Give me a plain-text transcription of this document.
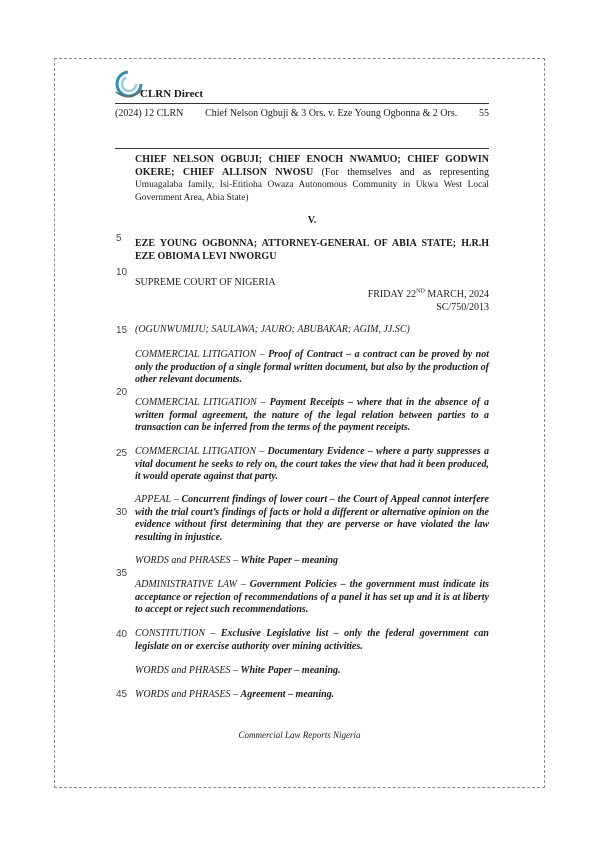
CLRN Direct
(2024) 12 CLRN Chief Nelson Ogbuji & 3 Ors. v. Eze Young Ogbonna & 2 Ors. 55
5
10
15
20
25
30
35
40
45
CHIEF NELSON OGBUJI; CHIEF ENOCH NWAMUO; CHIEF GODWIN OKERE; CHIEF ALLISON NWOSU (For themselves and as representing Umuagalaba family, Isi-Etitioha Owaza Autonomous Community in Ukwa West Local Government Area, Abia State)
V.
EZE YOUNG OGBONNA; ATTORNEY-GENERAL OF ABIA STATE; H.R.H EZE OBIOMA LEVI NWORGU
SUPREME COURT OF NIGERIA
FRIDAY 22ND MARCH, 2024
SC/750/2013
(OGUNWUMIJU; SAULAWA; JAURO; ABUBAKAR; AGIM, JJ.SC)
COMMERCIAL LITIGATION – Proof of Contract – a contract can be proved by not only the production of a single formal written document, but also by the production of other relevant documents.
COMMERCIAL LITIGATION – Payment Receipts – where that in the absence of a written formal agreement, the nature of the legal relation between parties to a transaction can be inferred from the terms of the payment receipts.
COMMERCIAL LITIGATION – Documentary Evidence – where a party suppresses a vital document he seeks to rely on, the court takes the view that had it been produced, it would operate against that party.
APPEAL – Concurrent findings of lower court – the Court of Appeal cannot interfere with the trial court’s findings of facts or hold a different or alternative opinion on the evidence without first determining that they are perverse or have violated the law resulting in injustice.
WORDS and PHRASES – White Paper – meaning
ADMINISTRATIVE LAW – Government Policies – the government must indicate its acceptance or rejection of recommendations of a panel it has set up and it is at liberty to accept or reject such recommendations.
CONSTITUTION – Exclusive Legislative list – only the federal government can legislate on or exercise authority over mining activities.
WORDS and PHRASES – White Paper – meaning.
WORDS and PHRASES – Agreement – meaning.
Commercial Law Reports Nigeria
